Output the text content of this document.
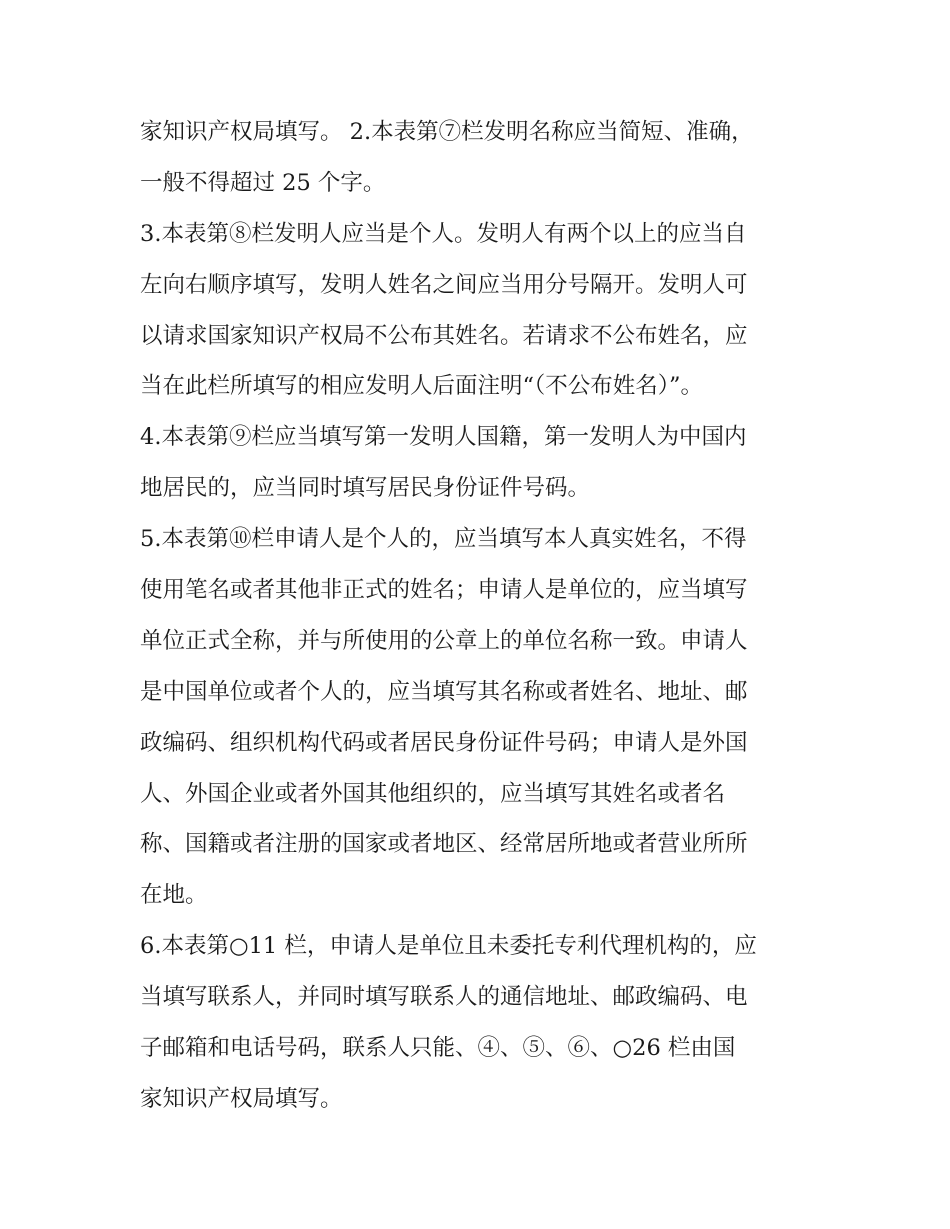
家知识产权局填写。 2.本表第⑦栏发明名称应当简短、准确，
一般不得超过 25 个字。
3.本表第⑧栏发明人应当是个人。发明人有两个以上的应当自
左向右顺序填写，发明人姓名之间应当用分号隔开。发明人可
以请求国家知识产权局不公布其姓名。若请求不公布姓名，应
当在此栏所填写的相应发明人后面注明“（不公布姓名）”。
4.本表第⑨栏应当填写第一发明人国籍，第一发明人为中国内
地居民的，应当同时填写居民身份证件号码。
5.本表第⑩栏申请人是个人的，应当填写本人真实姓名，不得
使用笔名或者其他非正式的姓名；申请人是单位的，应当填写
单位正式全称，并与所使用的公章上的单位名称一致。申请人
是中国单位或者个人的，应当填写其名称或者姓名、地址、邮
政编码、组织机构代码或者居民身份证件号码；申请人是外国
人、外国企业或者外国其他组织的，应当填写其姓名或者名
称、国籍或者注册的国家或者地区、经常居所地或者营业所所
在地。
6.本表第○11 栏，申请人是单位且未委托专利代理机构的，应
当填写联系人，并同时填写联系人的通信地址、邮政编码、电
子邮箱和电话号码，联系人只能、④、⑤、⑥、○26 栏由国
家知识产权局填写。
